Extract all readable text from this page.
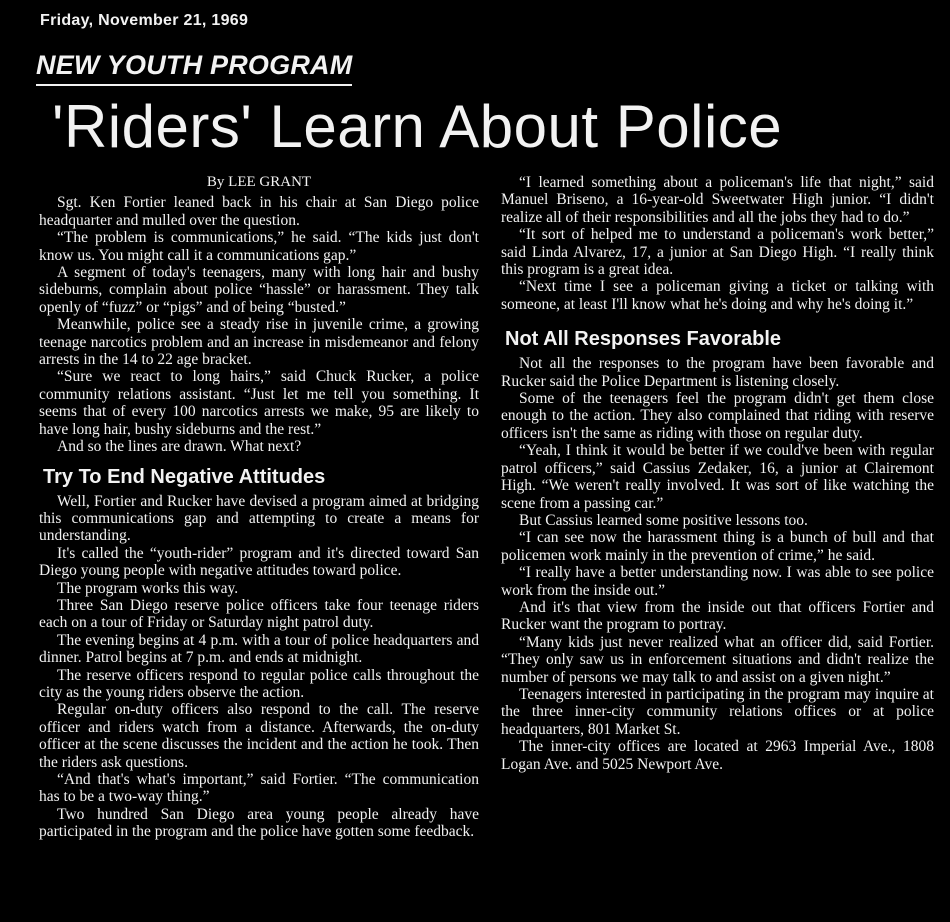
Friday, November 21, 1969
NEW YOUTH PROGRAM
'Riders' Learn About Police

By LEE GRANT

Sgt. Ken Fortier leaned back in his chair at San Diego police headquarter and mulled over the question.

“The problem is communications,” he said. “The kids just don't know us. You might call it a communications gap.”

A segment of today's teenagers, many with long hair and bushy sideburns, complain about police “hassle” or harassment. They talk openly of “fuzz” or “pigs” and of being “busted.”

Meanwhile, police see a steady rise in juvenile crime, a growing teenage narcotics problem and an increase in misdemeanor and felony arrests in the 14 to 22 age bracket.

“Sure we react to long hairs,” said Chuck Rucker, a police community relations assistant. “Just let me tell you something. It seems that of every 100 narcotics arrests we make, 95 are likely to have long hair, bushy sideburns and the rest.”

And so the lines are drawn. What next?

Try To End Negative Attitudes

Well, Fortier and Rucker have devised a program aimed at bridging this communications gap and attempting to create a means for understanding.

It's called the “youth-rider” program and it's directed toward San Diego young people with negative attitudes toward police.

The program works this way.

Three San Diego reserve police officers take four teenage riders each on a tour of Friday or Saturday night patrol duty.

The evening begins at 4 p.m. with a tour of police headquarters and dinner. Patrol begins at 7 p.m. and ends at midnight.

The reserve officers respond to regular police calls throughout the city as the young riders observe the action.

Regular on-duty officers also respond to the call. The reserve officer and riders watch from a distance. Afterwards, the on-duty officer at the scene discusses the incident and the action he took. Then the riders ask questions.

“And that's what's important,” said Fortier. “The communication has to be a two-way thing.”

Two hundred San Diego area young people already have participated in the program and the police have gotten some feedback.

“I learned something about a policeman's life that night,” said Manuel Briseno, a 16-year-old Sweetwater High junior. “I didn't realize all of their responsibilities and all the jobs they had to do.”

“It sort of helped me to understand a policeman's work better,” said Linda Alvarez, 17, a junior at San Diego High. “I really think this program is a great idea.

“Next time I see a policeman giving a ticket or talking with someone, at least I'll know what he's doing and why he's doing it.”

Not All Responses Favorable

Not all the responses to the program have been favorable and Rucker said the Police Department is listening closely.

Some of the teenagers feel the program didn't get them close enough to the action. They also complained that riding with reserve officers isn't the same as riding with those on regular duty.

“Yeah, I think it would be better if we could've been with regular patrol officers,” said Cassius Zedaker, 16, a junior at Clairemont High. “We weren't really involved. It was sort of like watching the scene from a passing car.”

But Cassius learned some positive lessons too.

“I can see now the harassment thing is a bunch of bull and that policemen work mainly in the prevention of crime,” he said.

“I really have a better understanding now. I was able to see police work from the inside out.”

And it's that view from the inside out that officers Fortier and Rucker want the program to portray.

“Many kids just never realized what an officer did, said Fortier. “They only saw us in enforcement situations and didn't realize the number of persons we may talk to and assist on a given night.”

Teenagers interested in participating in the program may inquire at the three inner-city community relations offices or at police headquarters, 801 Market St.

The inner-city offices are located at 2963 Imperial Ave., 1808 Logan Ave. and 5025 Newport Ave.
